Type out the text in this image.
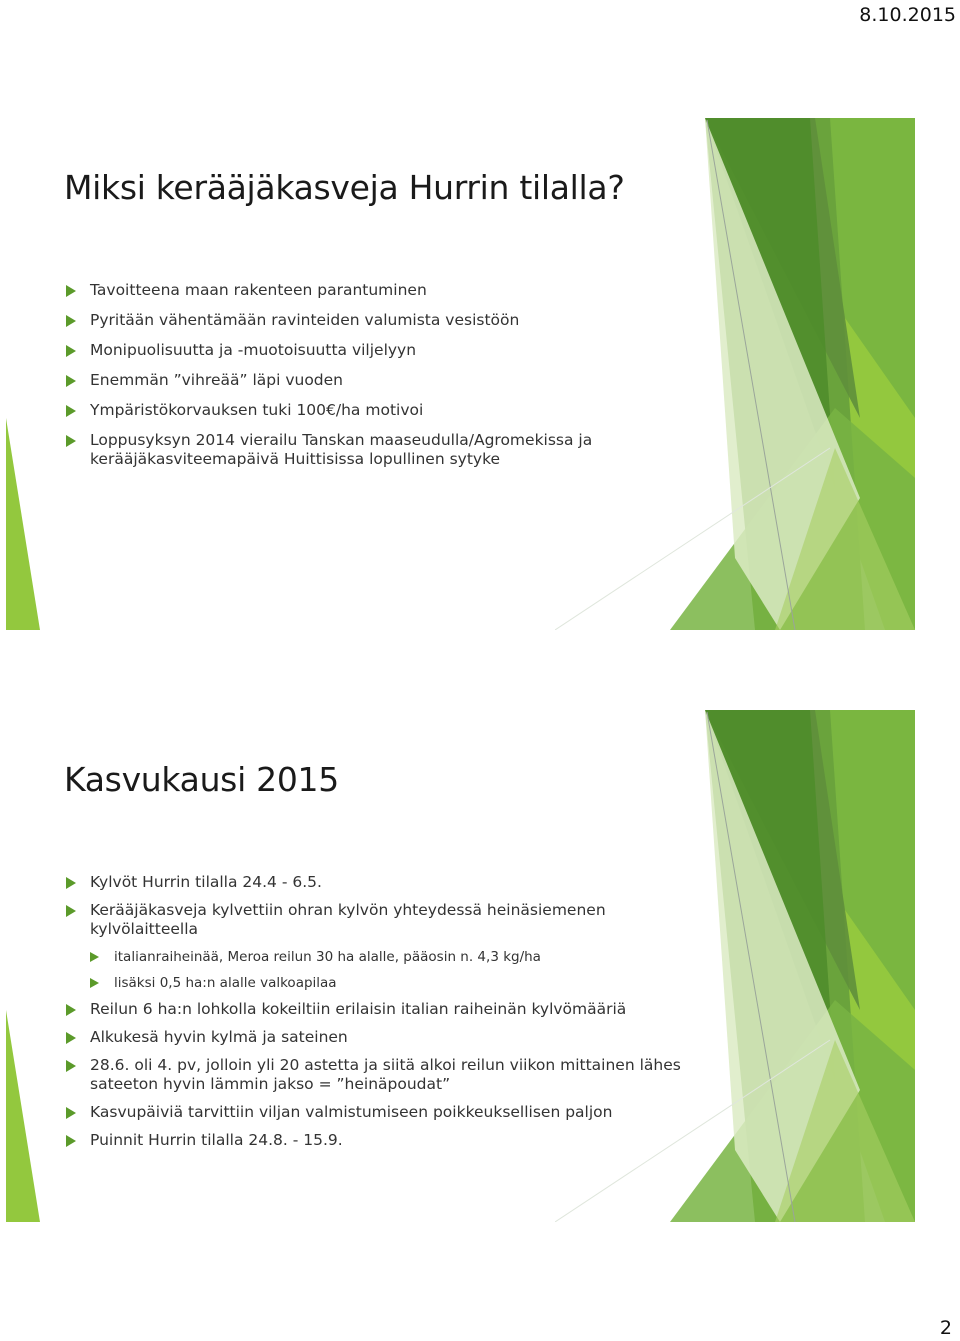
8.10.2015
Miksi kerääjäkasveja Hurrin tilalla?
Tavoitteena maan rakenteen parantuminen
Pyritään vähentämään ravinteiden valumista vesistöön
Monipuolisuutta ja -muotoisuutta viljelyyn
Enemmän ”vihreää” läpi vuoden
Ympäristökorvauksen tuki 100€/ha motivoi
Loppusyksyn 2014 vierailu Tanskan maaseudulla/Agromekissa ja kerääjäkasviteemapäivä Huittisissa lopullinen sytyke
Kasvukausi 2015
Kylvöt Hurrin tilalla 24.4 - 6.5.
Kerääjäkasveja kylvettiin ohran kylvön yhteydessä heinäsiemenen kylvölaitteella
italianraiheinää, Meroa reilun 30 ha alalle, pääosin n. 4,3 kg/ha
lisäksi 0,5 ha:n alalle valkoapilaa
Reilun 6 ha:n lohkolla kokeiltiin erilaisin italian raiheinän kylvömääriä
Alkukesä hyvin kylmä ja sateinen
28.6. oli 4. pv, jolloin yli 20 astetta ja siitä alkoi reilun viikon mittainen lähes sateeton hyvin lämmin jakso = ”heinäpoudat”
Kasvupäiviä tarvittiin viljan valmistumiseen poikkeuksellisen paljon
Puinnit Hurrin tilalla 24.8. - 15.9.
2
